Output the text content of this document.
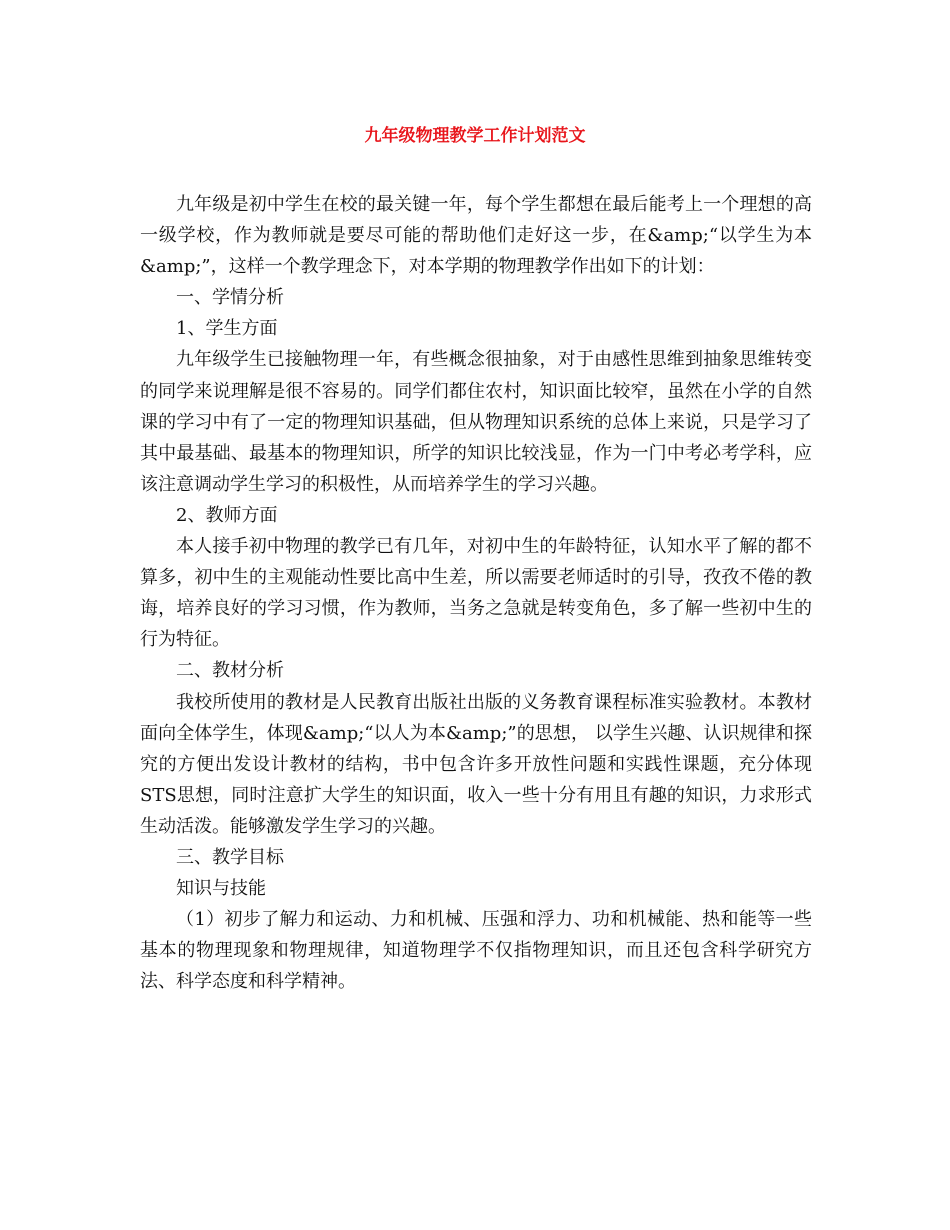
九年级物理教学工作计划范文

九年级是初中学生在校的最关键一年，每个学生都想在最后能考上一个理想的高一级学校，作为教师就是要尽可能的帮助他们走好这一步，在&amp;“以学生为本&amp;”，这样一个教学理念下，对本学期的物理教学作出如下的计划：

一、学情分析

1、学生方面

九年级学生已接触物理一年，有些概念很抽象，对于由感性思维到抽象思维转变的同学来说理解是很不容易的。同学们都住农村，知识面比较窄，虽然在小学的自然课的学习中有了一定的物理知识基础，但从物理知识系统的总体上来说，只是学习了其中最基础、最基本的物理知识，所学的知识比较浅显，作为一门中考必考学科，应该注意调动学生学习的积极性，从而培养学生的学习兴趣。

2、教师方面

本人接手初中物理的教学已有几年，对初中生的年龄特征，认知水平了解的都不算多，初中生的主观能动性要比高中生差，所以需要老师适时的引导，孜孜不倦的教诲，培养良好的学习习惯，作为教师，当务之急就是转变角色，多了解一些初中生的行为特征。

二、教材分析

我校所使用的教材是人民教育出版社出版的义务教育课程标准实验教材。本教材面向全体学生，体现&amp;“以人为本&amp;”的思想， 以学生兴趣、认识规律和探究的方便出发设计教材的结构，书中包含许多开放性问题和实践性课题，充分体现STS思想，同时注意扩大学生的知识面，收入一些十分有用且有趣的知识，力求形式生动活泼。能够激发学生学习的兴趣。

三、教学目标

知识与技能

（1）初步了解力和运动、力和机械、压强和浮力、功和机械能、热和能等一些基本的物理现象和物理规律，知道物理学不仅指物理知识，而且还包含科学研究方法、科学态度和科学精神。
